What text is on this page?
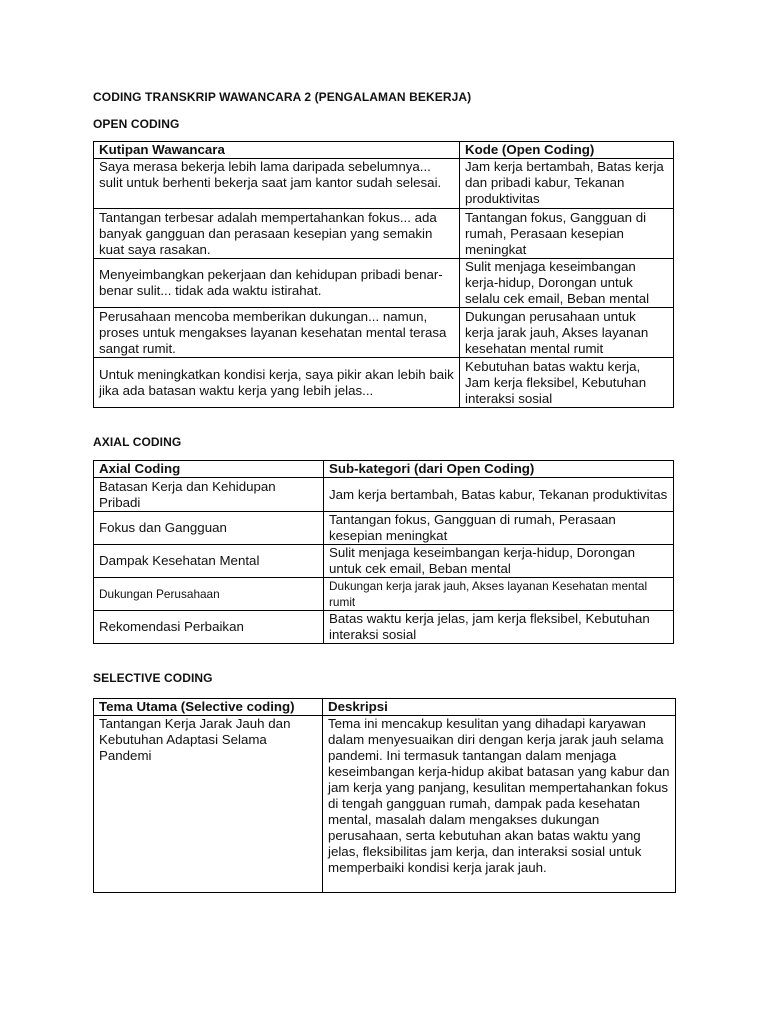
CODING TRANSKRIP WAWANCARA 2 (PENGALAMAN BEKERJA)
OPEN CODING
Kutipan Wawancara	Kode (Open Coding)
Saya merasa bekerja lebih lama daripada sebelumnya... sulit untuk berhenti bekerja saat jam kantor sudah selesai.	Jam kerja bertambah, Batas kerja dan pribadi kabur, Tekanan produktivitas
Tantangan terbesar adalah mempertahankan fokus... ada banyak gangguan dan perasaan kesepian yang semakin kuat saya rasakan.	Tantangan fokus, Gangguan di rumah, Perasaan kesepian meningkat
Menyeimbangkan pekerjaan dan kehidupan pribadi benar-benar sulit... tidak ada waktu istirahat.	Sulit menjaga keseimbangan kerja-hidup, Dorongan untuk selalu cek email, Beban mental
Perusahaan mencoba memberikan dukungan... namun, proses untuk mengakses layanan kesehatan mental terasa sangat rumit.	Dukungan perusahaan untuk kerja jarak jauh, Akses layanan kesehatan mental rumit
Untuk meningkatkan kondisi kerja, saya pikir akan lebih baik jika ada batasan waktu kerja yang lebih jelas...	Kebutuhan batas waktu kerja, Jam kerja fleksibel, Kebutuhan interaksi sosial
AXIAL CODING
Axial Coding	Sub-kategori (dari Open Coding)
Batasan Kerja dan Kehidupan Pribadi	Jam kerja bertambah, Batas kabur, Tekanan produktivitas
Fokus dan Gangguan	Tantangan fokus, Gangguan di rumah, Perasaan kesepian meningkat
Dampak Kesehatan Mental	Sulit menjaga keseimbangan kerja-hidup, Dorongan untuk cek email, Beban mental
Dukungan Perusahaan	Dukungan kerja jarak jauh, Akses layanan Kesehatan mental rumit
Rekomendasi Perbaikan	Batas waktu kerja jelas, jam kerja fleksibel, Kebutuhan interaksi sosial
SELECTIVE CODING
Tema Utama (Selective coding)	Deskripsi
Tantangan Kerja Jarak Jauh dan Kebutuhan Adaptasi Selama Pandemi	Tema ini mencakup kesulitan yang dihadapi karyawan dalam menyesuaikan diri dengan kerja jarak jauh selama pandemi. Ini termasuk tantangan dalam menjaga keseimbangan kerja-hidup akibat batasan yang kabur dan jam kerja yang panjang, kesulitan mempertahankan fokus di tengah gangguan rumah, dampak pada kesehatan mental, masalah dalam mengakses dukungan perusahaan, serta kebutuhan akan batas waktu yang jelas, fleksibilitas jam kerja, dan interaksi sosial untuk memperbaiki kondisi kerja jarak jauh.
